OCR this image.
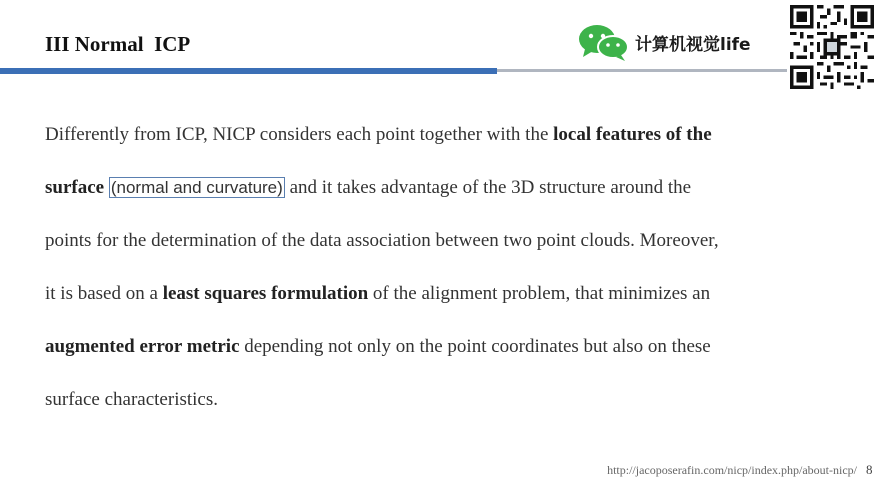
III Normal  ICP	计算机视觉life
Differently from ICP, NICP considers each point together with the local features of the
surface (normal and curvature) and it takes advantage of the 3D structure around the
points for the determination of the data association between two point clouds. Moreover,
it is based on a least squares formulation of the alignment problem, that minimizes an
augmented error metric depending not only on the point coordinates but also on these
surface characteristics.
http://jacoposerafin.com/nicp/index.php/about-nicp/ 8
